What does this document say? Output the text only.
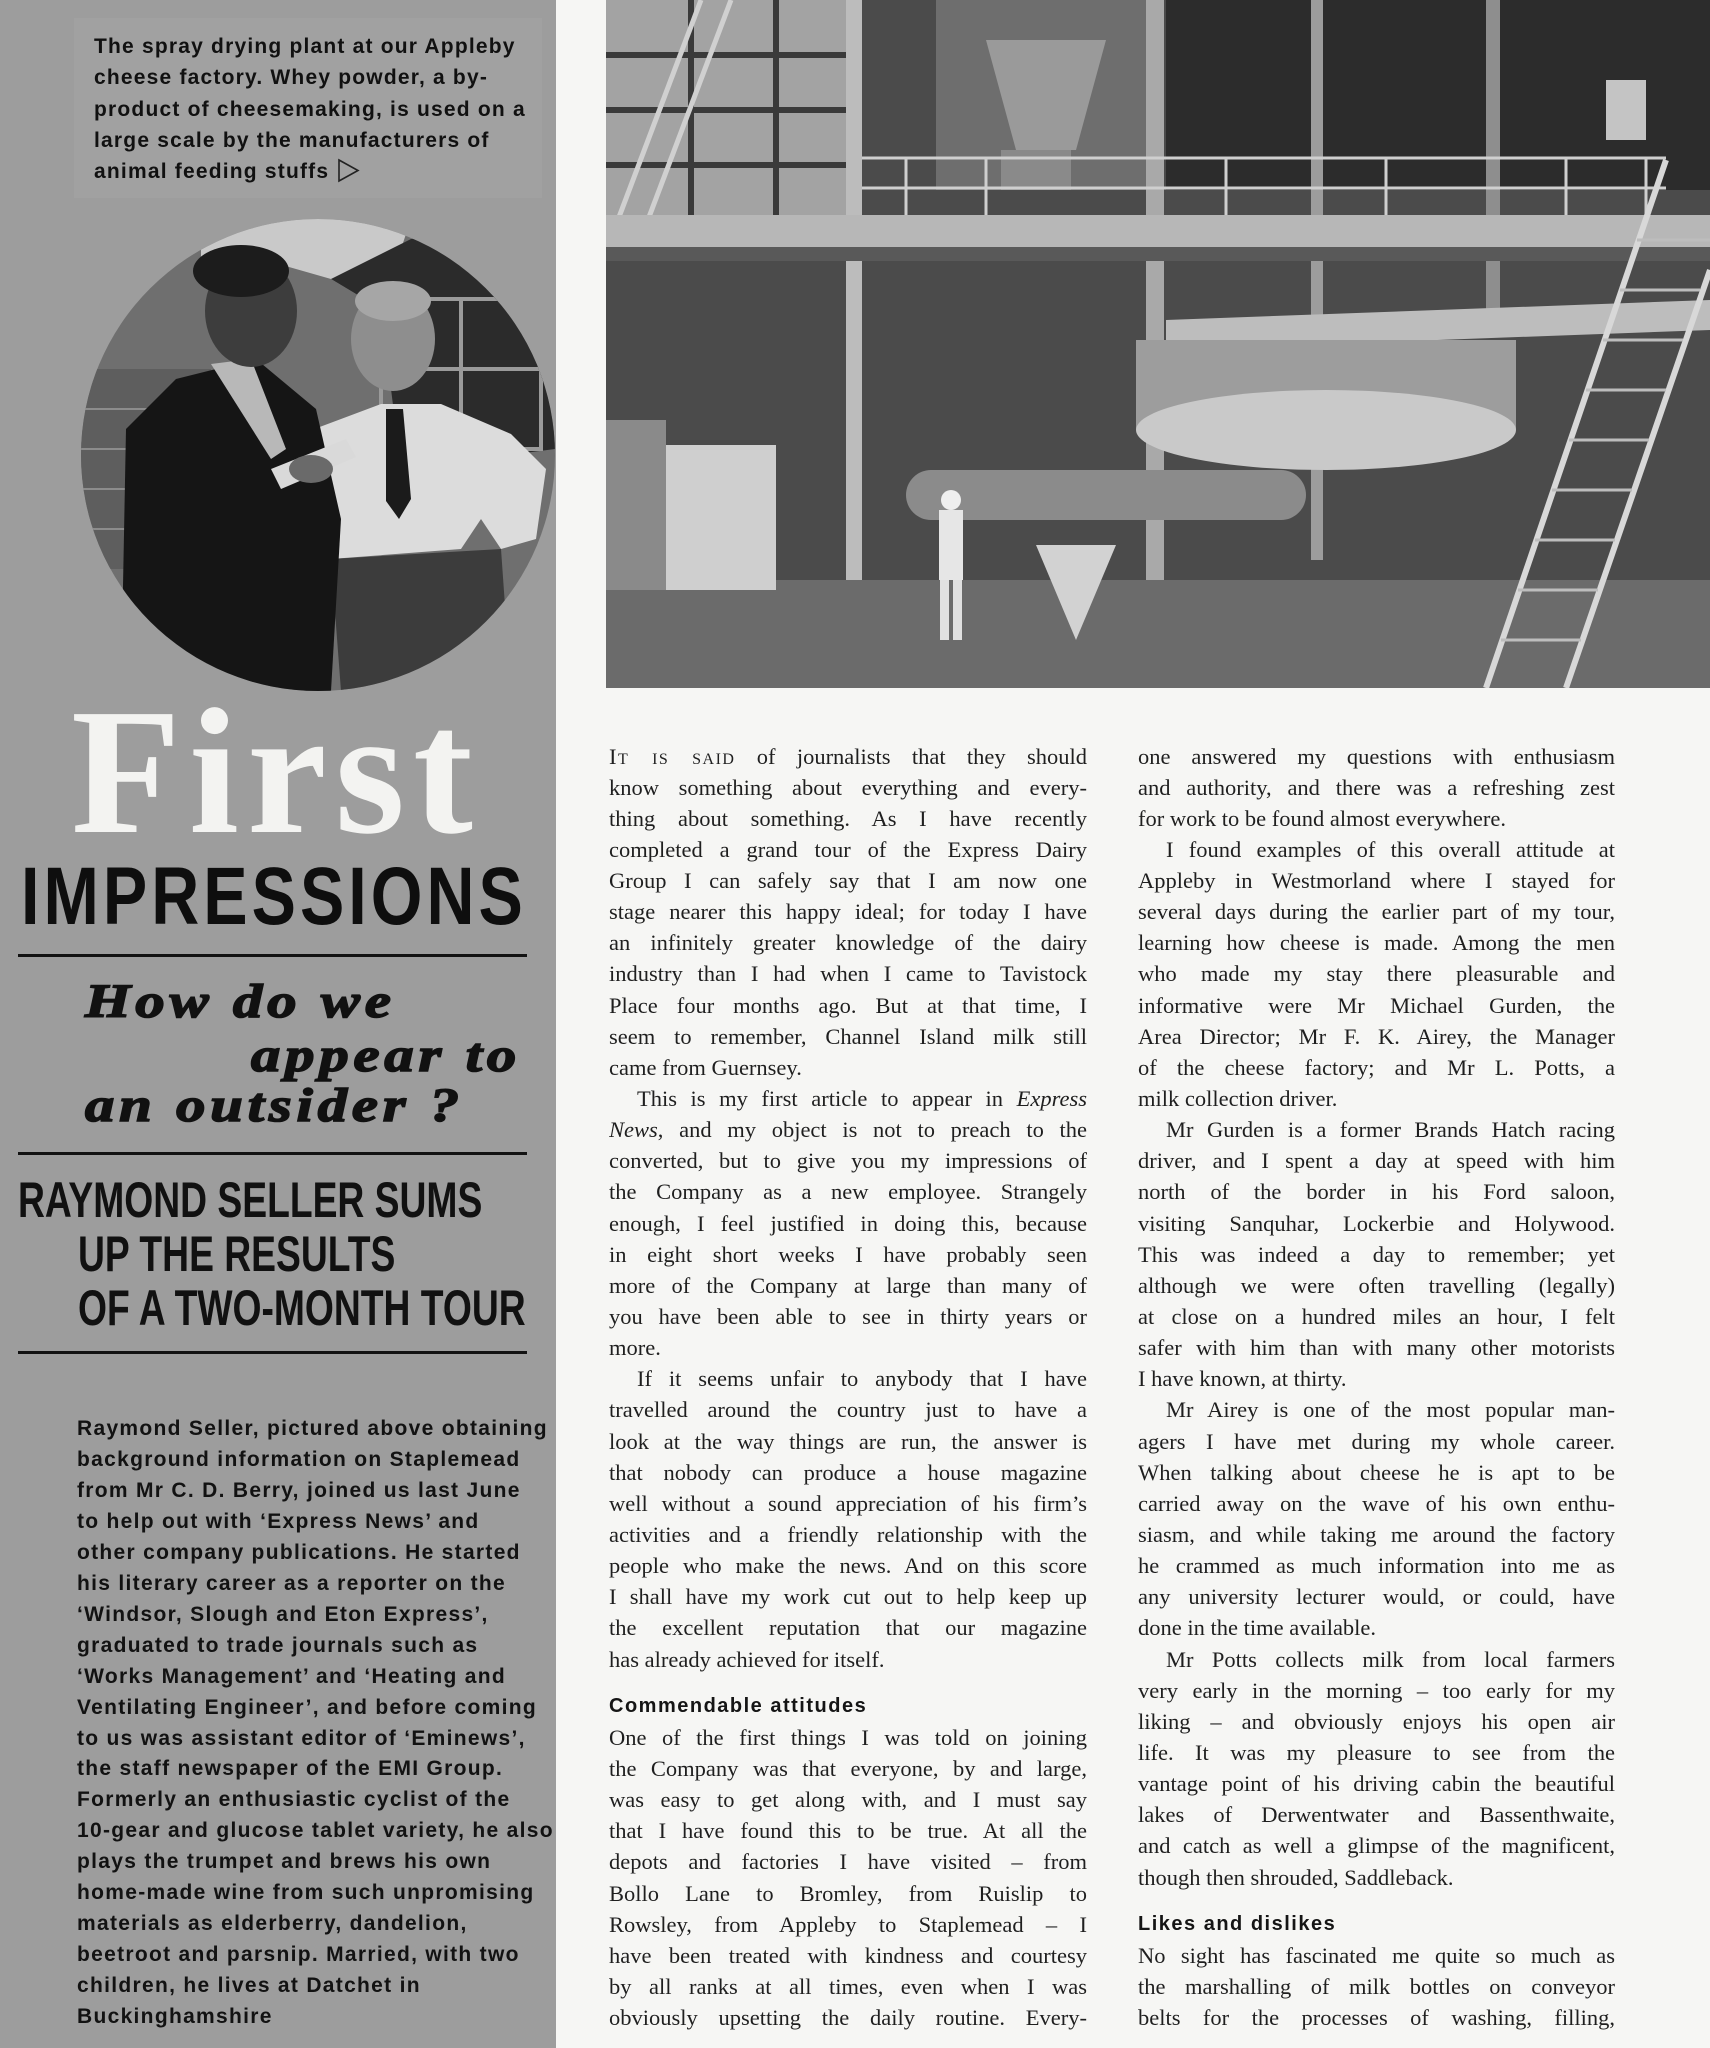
The spray drying plant at our Appleby
cheese factory. Whey powder, a by-
product of cheesemaking, is used on a
large scale by the manufacturers of
animal feeding stuffs
First
IMPRESSIONS
How do we
appear to
an outsider ?
RAYMOND SELLER SUMS
UP THE RESULTS
OF A TWO-MONTH TOUR
Raymond Seller, pictured above obtaining
background information on Staplemead
from Mr C. D. Berry, joined us last June
to help out with ‘Express News’ and
other company publications. He started
his literary career as a reporter on the
‘Windsor, Slough and Eton Express’,
graduated to trade journals such as
‘Works Management’ and ‘Heating and
Ventilating Engineer’, and before coming
to us was assistant editor of ‘Eminews’,
the staff newspaper of the EMI Group.
Formerly an enthusiastic cyclist of the
10-gear and glucose tablet variety, he also
plays the trumpet and brews his own
home-made wine from such unpromising
materials as elderberry, dandelion,
beetroot and parsnip. Married, with two
children, he lives at Datchet in
Buckinghamshire
It is said of journalists that they should
know something about everything and every-
thing about something. As I have recently
completed a grand tour of the Express Dairy
Group I can safely say that I am now one
stage nearer this happy ideal; for today I have
an infinitely greater knowledge of the dairy
industry than I had when I came to Tavistock
Place four months ago. But at that time, I
seem to remember, Channel Island milk still
came from Guernsey.
This is my first article to appear in Express
News, and my object is not to preach to the
converted, but to give you my impressions of
the Company as a new employee. Strangely
enough, I feel justified in doing this, because
in eight short weeks I have probably seen
more of the Company at large than many of
you have been able to see in thirty years or
more.
If it seems unfair to anybody that I have
travelled around the country just to have a
look at the way things are run, the answer is
that nobody can produce a house magazine
well without a sound appreciation of his firm’s
activities and a friendly relationship with the
people who make the news. And on this score
I shall have my work cut out to help keep up
the excellent reputation that our magazine
has already achieved for itself.
Commendable attitudes
One of the first things I was told on joining
the Company was that everyone, by and large,
was easy to get along with, and I must say
that I have found this to be true. At all the
depots and factories I have visited – from
Bollo Lane to Bromley, from Ruislip to
Rowsley, from Appleby to Staplemead – I
have been treated with kindness and courtesy
by all ranks at all times, even when I was
obviously upsetting the daily routine. Every-
one answered my questions with enthusiasm
and authority, and there was a refreshing zest
for work to be found almost everywhere.
I found examples of this overall attitude at
Appleby in Westmorland where I stayed for
several days during the earlier part of my tour,
learning how cheese is made. Among the men
who made my stay there pleasurable and
informative were Mr Michael Gurden, the
Area Director; Mr F. K. Airey, the Manager
of the cheese factory; and Mr L. Potts, a
milk collection driver.
Mr Gurden is a former Brands Hatch racing
driver, and I spent a day at speed with him
north of the border in his Ford saloon,
visiting Sanquhar, Lockerbie and Holywood.
This was indeed a day to remember; yet
although we were often travelling (legally)
at close on a hundred miles an hour, I felt
safer with him than with many other motorists
I have known, at thirty.
Mr Airey is one of the most popular man-
agers I have met during my whole career.
When talking about cheese he is apt to be
carried away on the wave of his own enthu-
siasm, and while taking me around the factory
he crammed as much information into me as
any university lecturer would, or could, have
done in the time available.
Mr Potts collects milk from local farmers
very early in the morning – too early for my
liking – and obviously enjoys his open air
life. It was my pleasure to see from the
vantage point of his driving cabin the beautiful
lakes of Derwentwater and Bassenthwaite,
and catch as well a glimpse of the magnificent,
though then shrouded, Saddleback.
Likes and dislikes
No sight has fascinated me quite so much as
the marshalling of milk bottles on conveyor
belts for the processes of washing, filling,
